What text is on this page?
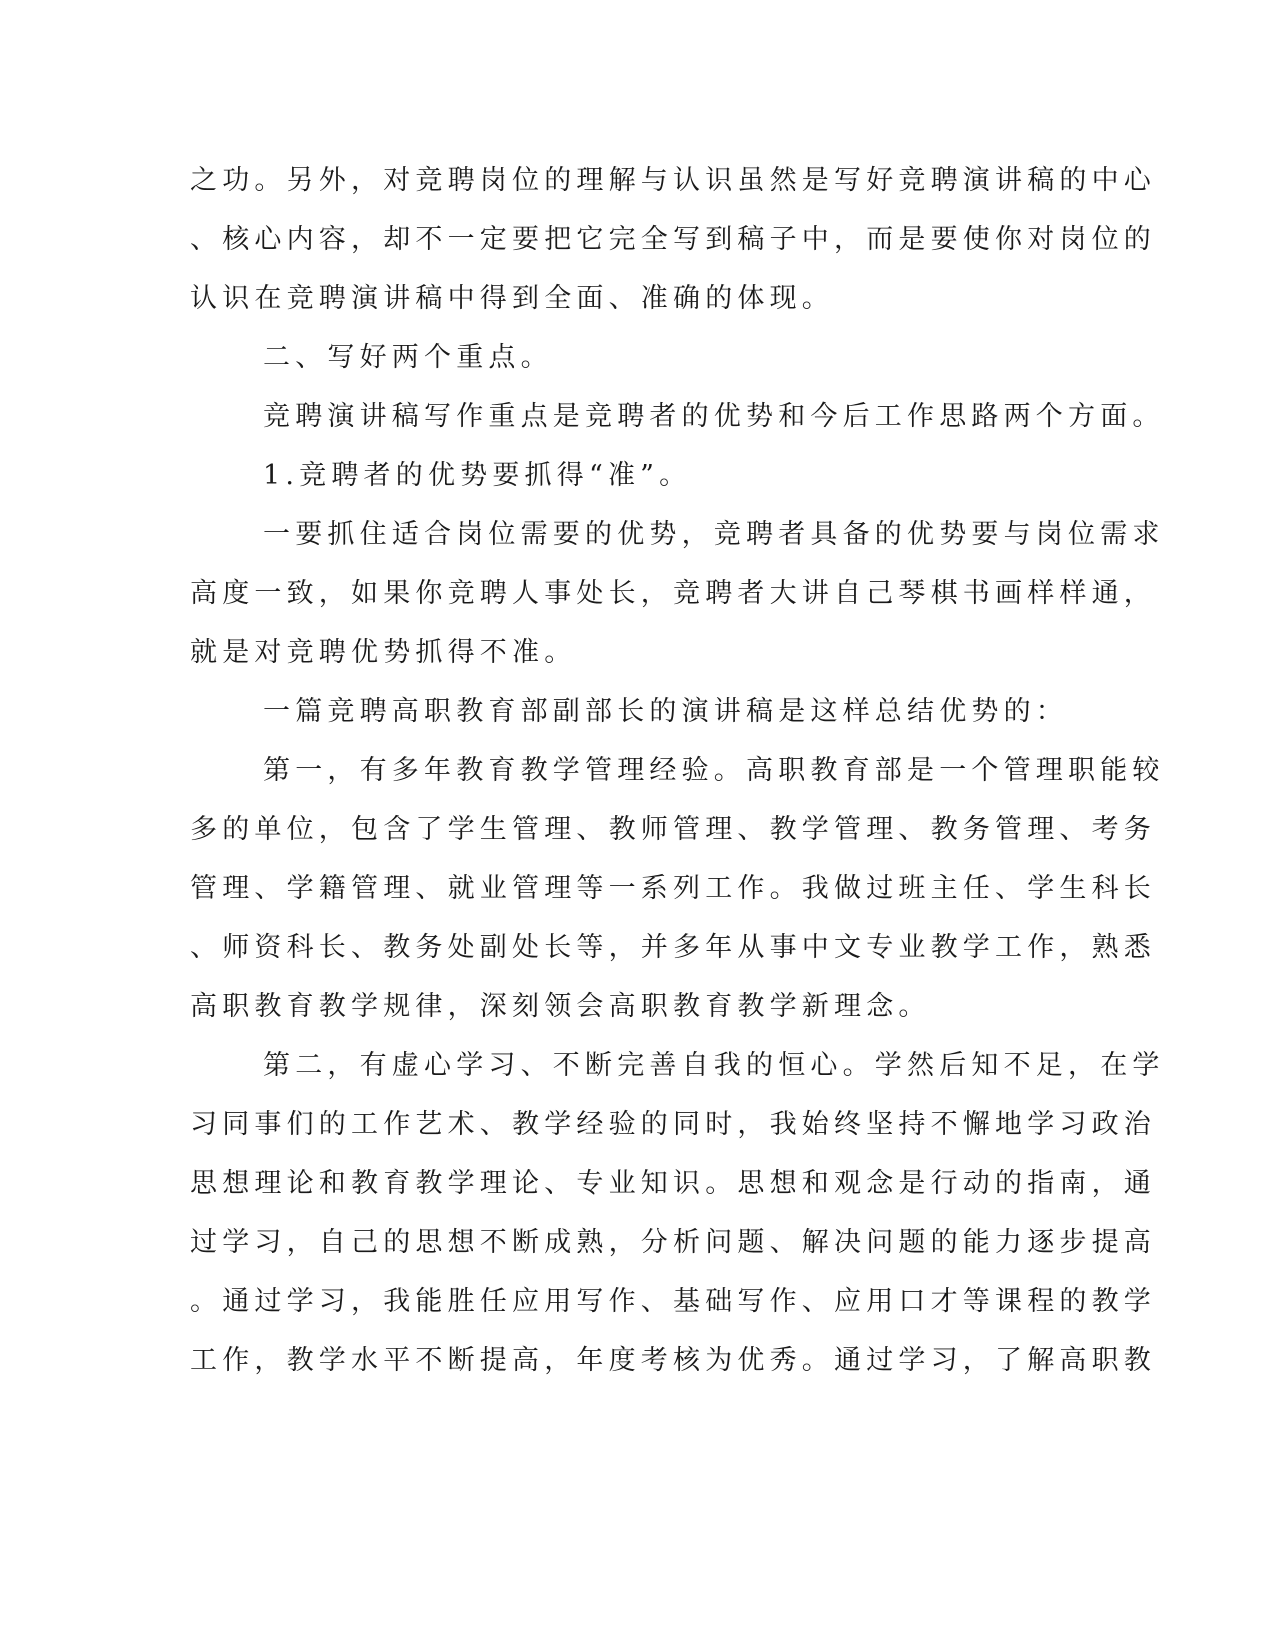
之功。另外，对竞聘岗位的理解与认识虽然是写好竞聘演讲稿的中心
、核心内容，却不一定要把它完全写到稿子中，而是要使你对岗位的
认识在竞聘演讲稿中得到全面、准确的体现。
二、写好两个重点。
竞聘演讲稿写作重点是竞聘者的优势和今后工作思路两个方面。
1.竞聘者的优势要抓得“准”。
一要抓住适合岗位需要的优势，竞聘者具备的优势要与岗位需求
高度一致，如果你竞聘人事处长，竞聘者大讲自己琴棋书画样样通，
就是对竞聘优势抓得不准。
一篇竞聘高职教育部副部长的演讲稿是这样总结优势的：
第一，有多年教育教学管理经验。高职教育部是一个管理职能较
多的单位，包含了学生管理、教师管理、教学管理、教务管理、考务
管理、学籍管理、就业管理等一系列工作。我做过班主任、学生科长
、师资科长、教务处副处长等，并多年从事中文专业教学工作，熟悉
高职教育教学规律，深刻领会高职教育教学新理念。
第二，有虚心学习、不断完善自我的恒心。学然后知不足，在学
习同事们的工作艺术、教学经验的同时，我始终坚持不懈地学习政治
思想理论和教育教学理论、专业知识。思想和观念是行动的指南，通
过学习，自己的思想不断成熟，分析问题、解决问题的能力逐步提高
。通过学习，我能胜任应用写作、基础写作、应用口才等课程的教学
工作，教学水平不断提高，年度考核为优秀。通过学习，了解高职教
